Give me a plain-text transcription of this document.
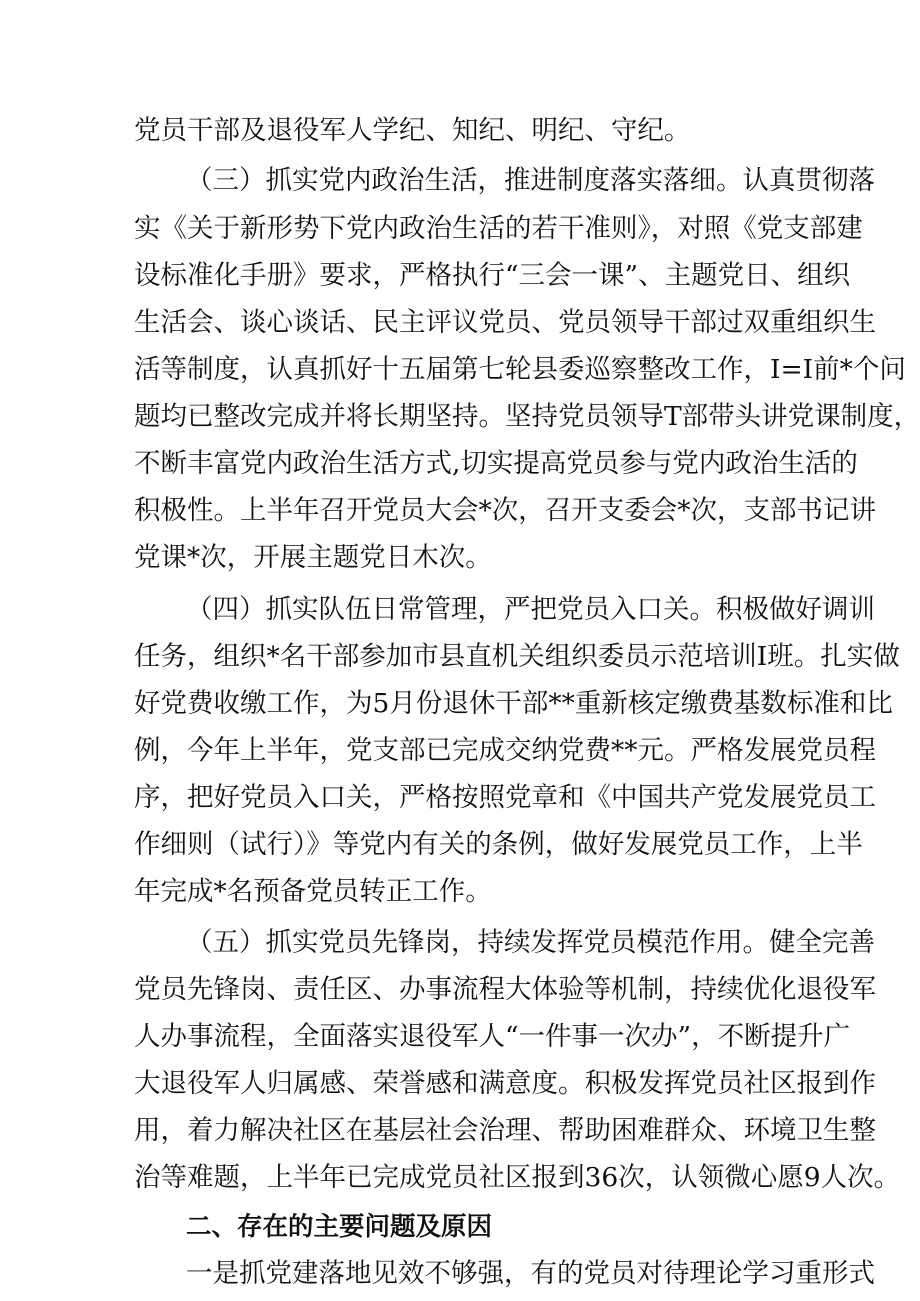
党员干部及退役军人学纪、知纪、明纪、守纪。
（三）抓实党内政治生活，推进制度落实落细。认真贯彻落
实《关于新形势下党内政治生活的若干准则》，对照《党支部建
设标准化手册》要求，严格执行“三会一课”、主题党日、组织
生活会、谈心谈话、民主评议党员、党员领导干部过双重组织生
活等制度，认真抓好十五届第七轮县委巡察整改工作，I=I前*个问
题均已整改完成并将长期坚持。坚持党员领导T部带头讲党课制度，
不断丰富党内政治生活方式,切实提高党员参与党内政治生活的
积极性。上半年召开党员大会*次，召开支委会*次，支部书记讲
党课*次，开展主题党日木次。
（四）抓实队伍日常管理，严把党员入口关。积极做好调训
任务，组织*名干部参加市县直机关组织委员示范培训I班。扎实做
好党费收缴工作，为5月份退休干部**重新核定缴费基数标准和比
例，今年上半年，党支部已完成交纳党费**元。严格发展党员程
序，把好党员入口关，严格按照党章和《中国共产党发展党员工
作细则（试行）》等党内有关的条例，做好发展党员工作，上半
年完成*名预备党员转正工作。
（五）抓实党员先锋岗，持续发挥党员模范作用。健全完善
党员先锋岗、责任区、办事流程大体验等机制，持续优化退役军
人办事流程，全面落实退役军人“一件事一次办”，不断提升广
大退役军人归属感、荣誉感和满意度。积极发挥党员社区报到作
用，着力解决社区在基层社会治理、帮助困难群众、环境卫生整
治等难题，上半年已完成党员社区报到36次，认领微心愿9人次。
二、存在的主要问题及原因
一是抓党建落地见效不够强，有的党员对待理论学习重形式
